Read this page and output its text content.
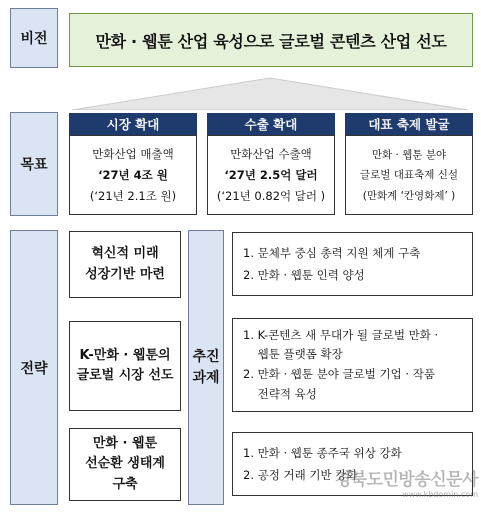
비전
목표
전략
만화 · 웹툰 산업 육성으로 글로벌 콘텐츠 산업 선도
시장 확대
만화산업 매출액
‘27년 4조 원
(‘21년 2.1조 원)
수출 확대
만화산업 수출액
‘27년 2.5억 달러
(‘21년 0.82억 달러 )
대표 축제 발굴
만화 · 웹툰 분야
글로벌 대표축제 신설
(만화계 ‘칸영화제’ )
혁신적 미래
성장기반 마련
K-만화 · 웹툰의
글로벌 시장 선도
만화 · 웹툰
선순환 생태계
구축
추진
과제
1. 문체부 중심 총력 지원 체계 구축
2. 만화 · 웹툰 인력 양성
1. K-콘텐츠 새 무대가 될 글로벌 만화 ·
웹툰 플랫폼 확장
2. 만화 · 웹툰 분야 글로벌 기업 · 작품
전략적 육성
1. 만화 · 웹툰 종주국 위상 강화
2. 공정 거래 기반 강화
경북도민방송신문사
www.kbdomin.com
